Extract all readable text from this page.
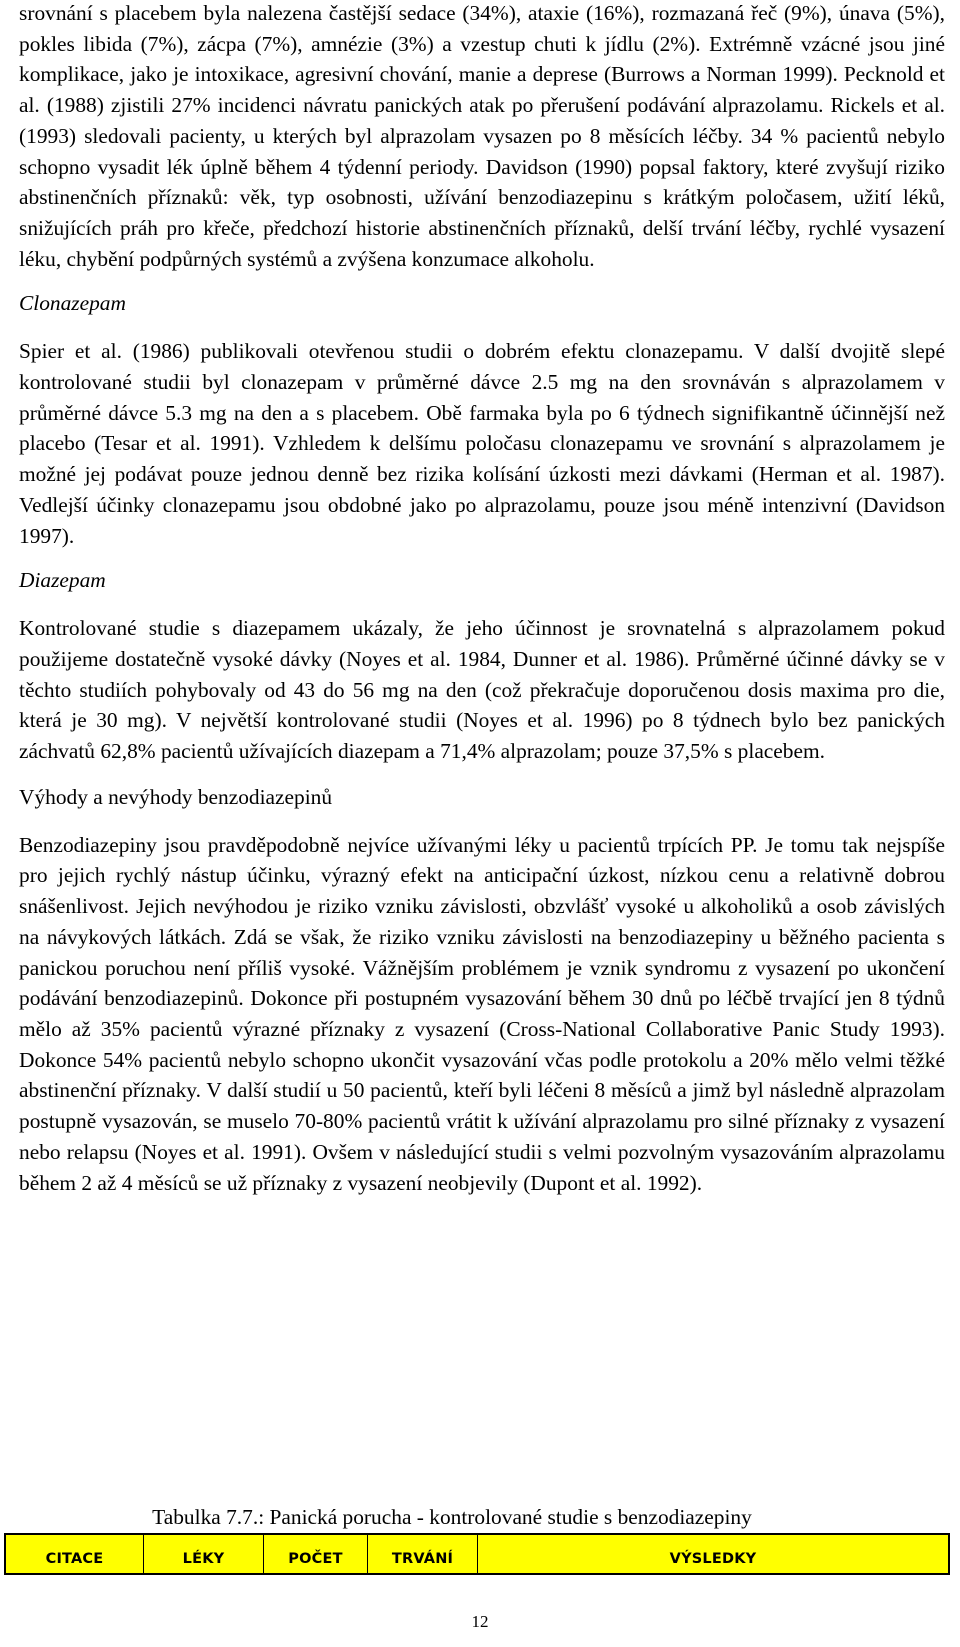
srovnání s placebem byla nalezena častější sedace (34%), ataxie (16%), rozmazaná řeč (9%), únava (5%), pokles libida (7%), zácpa (7%), amnézie (3%) a vzestup chuti k jídlu (2%). Extrémně vzácné jsou jiné komplikace, jako je intoxikace, agresivní chování, manie a deprese (Burrows a Norman 1999). Pecknold et al. (1988) zjistili 27% incidenci návratu panických atak po přerušení podávání alprazolamu. Rickels et al. (1993) sledovali pacienty, u kterých byl alprazolam vysazen po 8 měsících léčby. 34 % pacientů nebylo schopno vysadit lék úplně během 4 týdenní periody. Davidson (1990) popsal faktory, které zvyšují riziko abstinenčních příznaků: věk, typ osobnosti, užívání benzodiazepinu s krátkým poločasem, užití léků, snižujících práh pro křeče, předchozí historie abstinenčních příznaků, delší trvání léčby, rychlé vysazení léku, chybění podpůrných systémů a zvýšena konzumace alkoholu.

Clonazepam

Spier et al. (1986) publikovali otevřenou studii o dobrém efektu clonazepamu. V další dvojitě slepé kontrolované studii byl clonazepam v průměrné dávce 2.5 mg na den srovnáván s alprazolamem v průměrné dávce 5.3 mg na den a s placebem. Obě farmaka byla po 6 týdnech signifikantně účinnější než placebo (Tesar et al. 1991). Vzhledem k delšímu poločasu clonazepamu ve srovnání s alprazolamem je možné jej podávat pouze jednou denně bez rizika kolísání úzkosti mezi dávkami (Herman et al. 1987). Vedlejší účinky clonazepamu jsou obdobné jako po alprazolamu, pouze jsou méně intenzivní (Davidson 1997).

Diazepam

Kontrolované studie s diazepamem ukázaly, že jeho účinnost je srovnatelná s alprazolamem pokud použijeme dostatečně vysoké dávky (Noyes et al. 1984, Dunner et al. 1986). Průměrné účinné dávky se v těchto studiích pohybovaly od 43 do 56 mg na den (což překračuje doporučenou dosis maxima pro die, která je 30 mg). V největší kontrolované studii (Noyes et al. 1996) po 8 týdnech bylo bez panických záchvatů 62,8% pacientů užívajících diazepam a 71,4% alprazolam; pouze 37,5% s placebem.

Výhody a nevýhody benzodiazepinů

Benzodiazepiny jsou pravděpodobně nejvíce užívanými léky u pacientů trpících PP. Je tomu tak nejspíše pro jejich rychlý nástup účinku, výrazný efekt na anticipační úzkost, nízkou cenu a relativně dobrou snášenlivost. Jejich nevýhodou je riziko vzniku závislosti, obzvlášť vysoké u alkoholiků a osob závislých na návykových látkách. Zdá se však, že riziko vzniku závislosti na benzodiazepiny u běžného pacienta s panickou poruchou není příliš vysoké. Vážnějším problémem je vznik syndromu z vysazení po ukončení podávání benzodiazepinů. Dokonce při postupném vysazování během 30 dnů po léčbě trvající jen 8 týdnů mělo až 35% pacientů výrazné příznaky z vysazení (Cross-National Collaborative Panic Study 1993). Dokonce 54% pacientů nebylo schopno ukončit vysazování včas podle protokolu a 20% mělo velmi těžké abstinenční příznaky. V další studií u 50 pacientů, kteří byli léčeni 8 měsíců a jimž byl následně alprazolam postupně vysazován, se muselo 70-80% pacientů vrátit k užívání alprazolamu pro silné příznaky z vysazení nebo relapsu (Noyes et al. 1991). Ovšem v následující studii s velmi pozvolným vysazováním alprazolamu během 2 až 4 měsíců se už příznaky z vysazení neobjevily (Dupont et al. 1992).

Tabulka 7.7.: Panická porucha - kontrolované studie s benzodiazepiny
CITACE	LÉKY	POČET	TRVÁNÍ	VÝSLEDKY
12
